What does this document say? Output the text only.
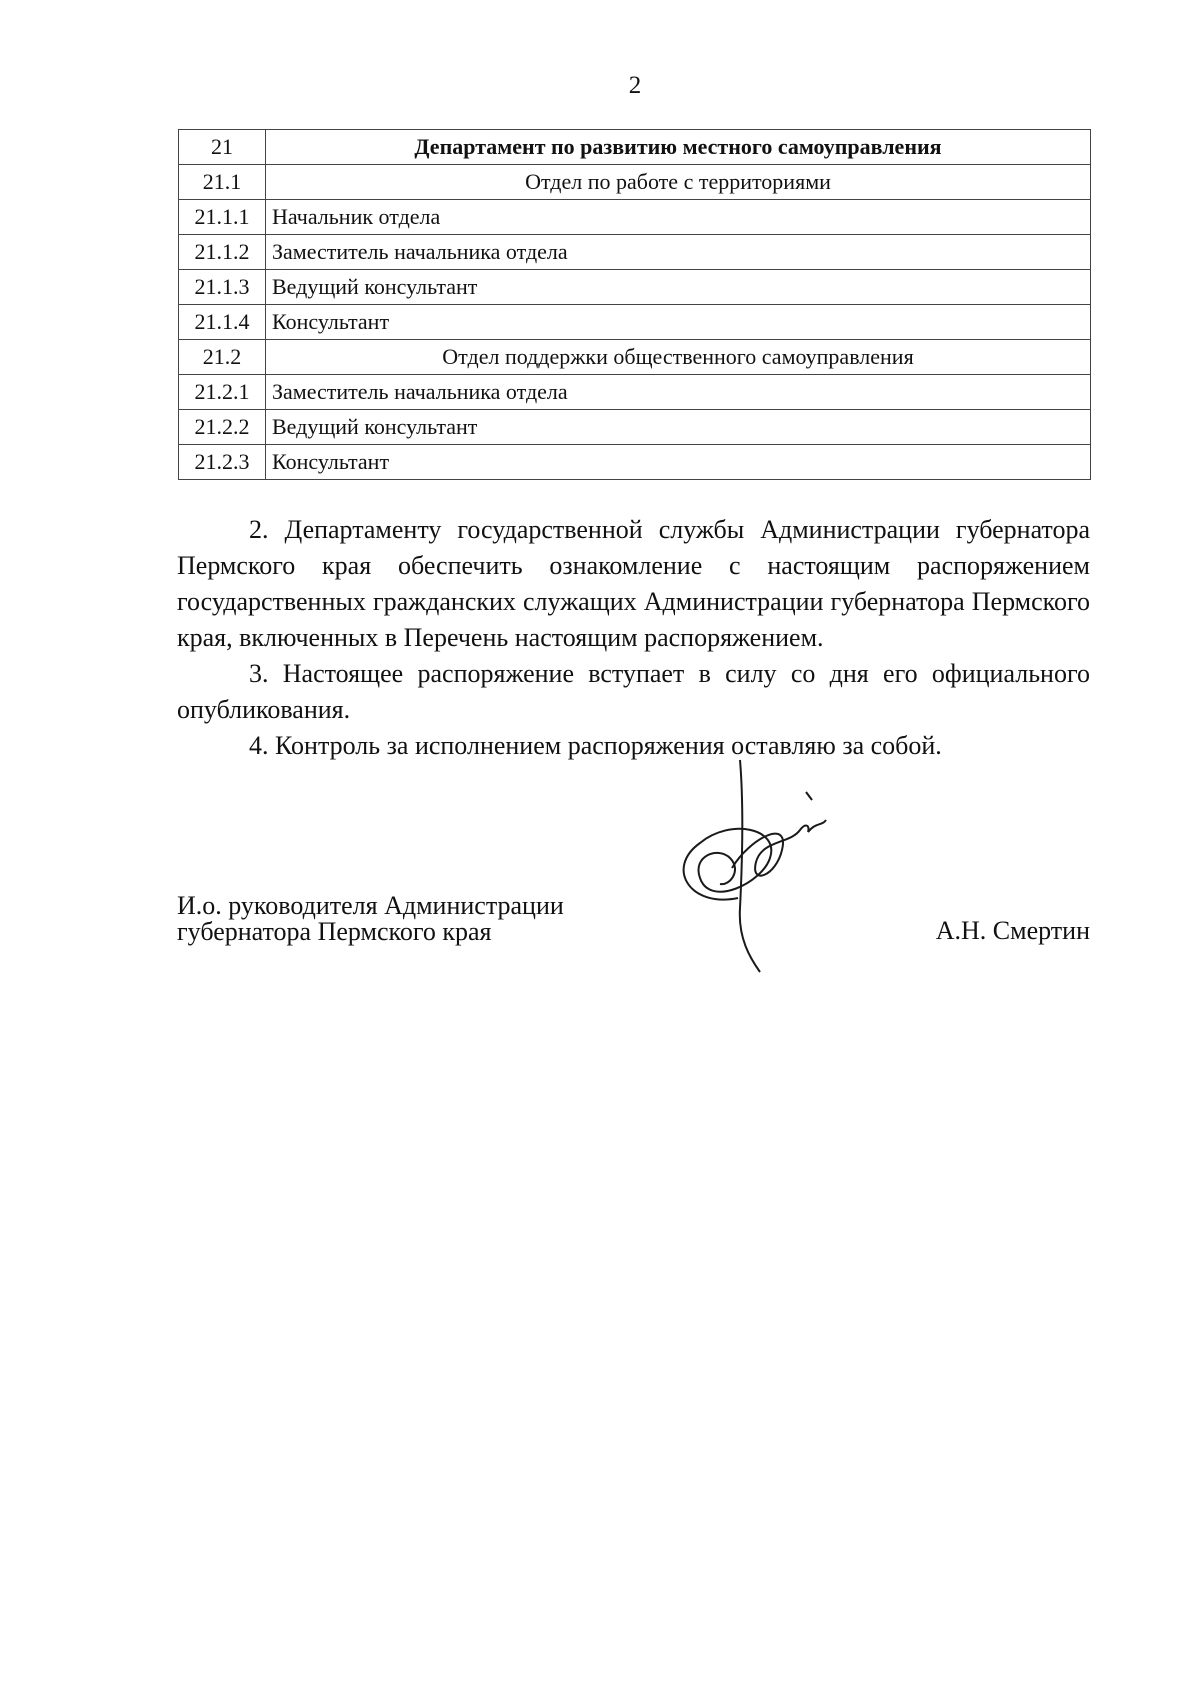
2
21	Департамент по развитию местного самоуправления
21.1	Отдел по работе с территориями
21.1.1	Начальник отдела
21.1.2	Заместитель начальника отдела
21.1.3	Ведущий консультант
21.1.4	Консультант
21.2	Отдел поддержки общественного самоуправления
21.2.1	Заместитель начальника отдела
21.2.2	Ведущий консультант
21.2.3	Консультант

2. Департаменту государственной службы Администрации губернатора Пермского края обеспечить ознакомление с настоящим распоряжением государственных гражданских служащих Администрации губернатора Пермского края, включенных в Перечень настоящим распоряжением.

3. Настоящее распоряжение вступает в силу со дня его официального опубликования.

4. Контроль за исполнением распоряжения оставляю за собой.

И.о. руководителя Администрации
губернатора Пермского края	А.Н. Смертин
